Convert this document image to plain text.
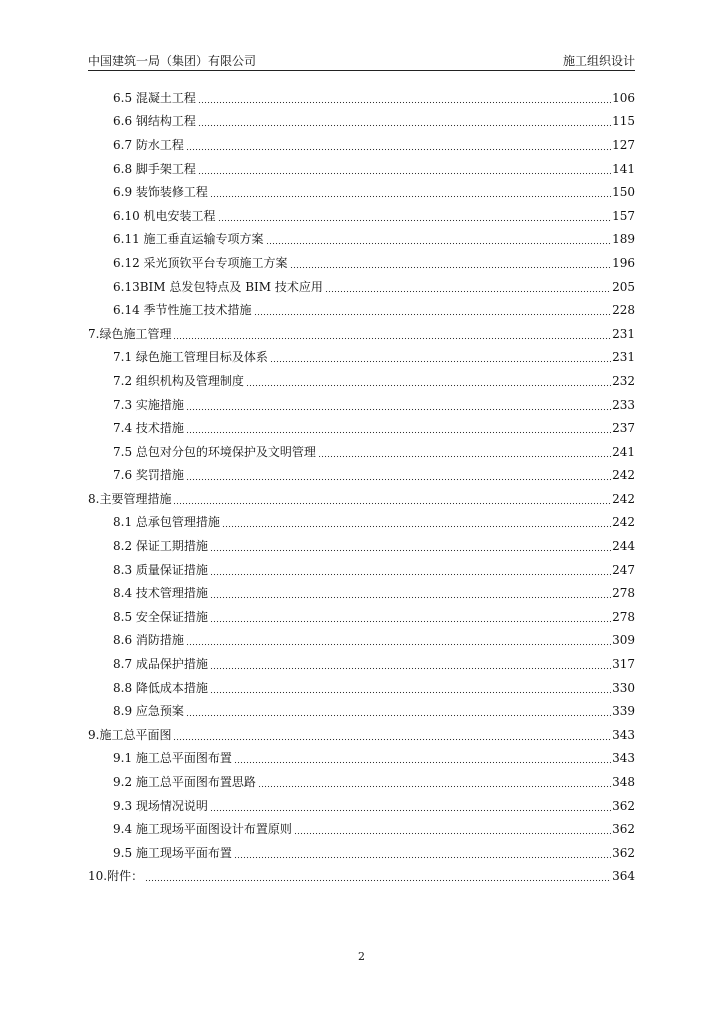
中国建筑一局（集团）有限公司	施工组织设计
6.5 混凝土工程	106
6.6 钢结构工程	115
6.7 防水工程	127
6.8 脚手架工程	141
6.9 装饰装修工程	150
6.10 机电安装工程	157
6.11 施工垂直运输专项方案	189
6.12 采光顶钦平台专项施工方案	196
6.13BIM 总发包特点及 BIM 技术应用	205
6.14 季节性施工技术措施	228
7.绿色施工管理	231
7.1 绿色施工管理目标及体系	231
7.2 组织机构及管理制度	232
7.3 实施措施	233
7.4 技术措施	237
7.5 总包对分包的环境保护及文明管理	241
7.6 奖罚措施	242
8.主要管理措施	242
8.1 总承包管理措施	242
8.2 保证工期措施	244
8.3 质量保证措施	247
8.4 技术管理措施	278
8.5 安全保证措施	278
8.6 消防措施	309
8.7 成品保护措施	317
8.8 降低成本措施	330
8.9 应急预案	339
9.施工总平面图	343
9.1 施工总平面图布置	343
9.2 施工总平面图布置思路	348
9.3 现场情况说明	362
9.4 施工现场平面图设计布置原则	362
9.5 施工现场平面布置	362
10.附件：	364
2
